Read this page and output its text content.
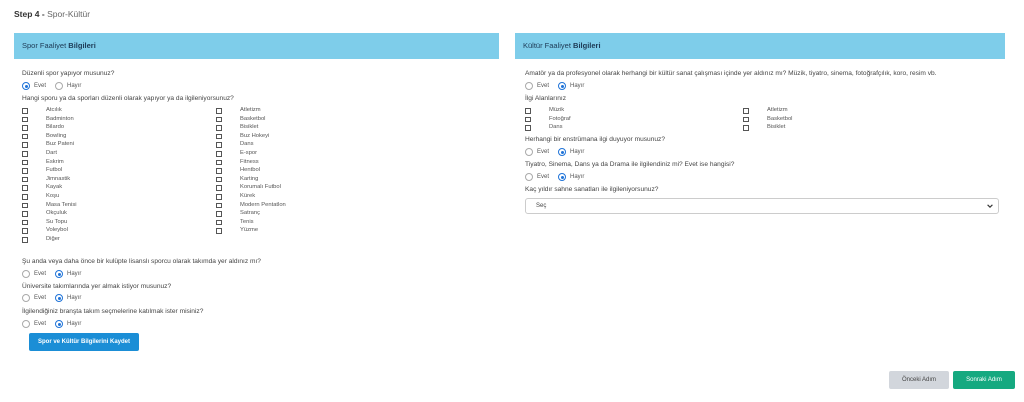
Step 4 - Spor-Kültür
Spor Faaliyet Bilgileri
Düzenli spor yapıyor musunuz?
Evet	Hayır
Hangi sporu ya da sporları düzenli olarak yapıyor ya da ilgileniyorsunuz?
Atcılık
Badminton
Bilardo
Bowling
Buz Pateni
Dart
Eskrim
Futbol
Jimnastik
Kayak
Koşu
Masa Tenisi
Okçuluk
Su Topu
Voleybol
Diğer
Atletizm
Basketbol
Bisiklet
Buz Hokeyi
Dans
E-spor
Fitness
Hentbol
Karting
Korumalı Futbol
Kürek
Modern Pentatlon
Satranç
Tenis
Yüzme
Şu anda veya daha önce bir kulüpte lisanslı sporcu olarak takımda yer aldınız mı?
Evet	Hayır
Üniversite takımlarında yer almak istiyor musunuz?
Evet	Hayır
İlgilendiğiniz branşta takım seçmelerine katılmak ister misiniz?
Evet	Hayır
Spor ve Kültür Bilgilerini Kaydet
Kültür Faaliyet Bilgileri
Amatör ya da profesyonel olarak herhangi bir kültür sanat çalışması içinde yer aldınız mı? Müzik, tiyatro, sinema, fotoğrafçılık, koro, resim vb.
Evet	Hayır
İlgi Alanlarınız
Müzik
Fotoğraf
Dans
Atletizm
Basketbol
Bisiklet
Herhangi bir enstrümana ilgi duyuyor musunuz?
Evet	Hayır
Tiyatro, Sinema, Dans ya da Drama ile ilgilendiniz mi? Evet ise hangisi?
Evet	Hayır
Kaç yıldır sahne sanatları ile ilgileniyorsunuz?
Seç
Önceki Adım	Sonraki Adım
